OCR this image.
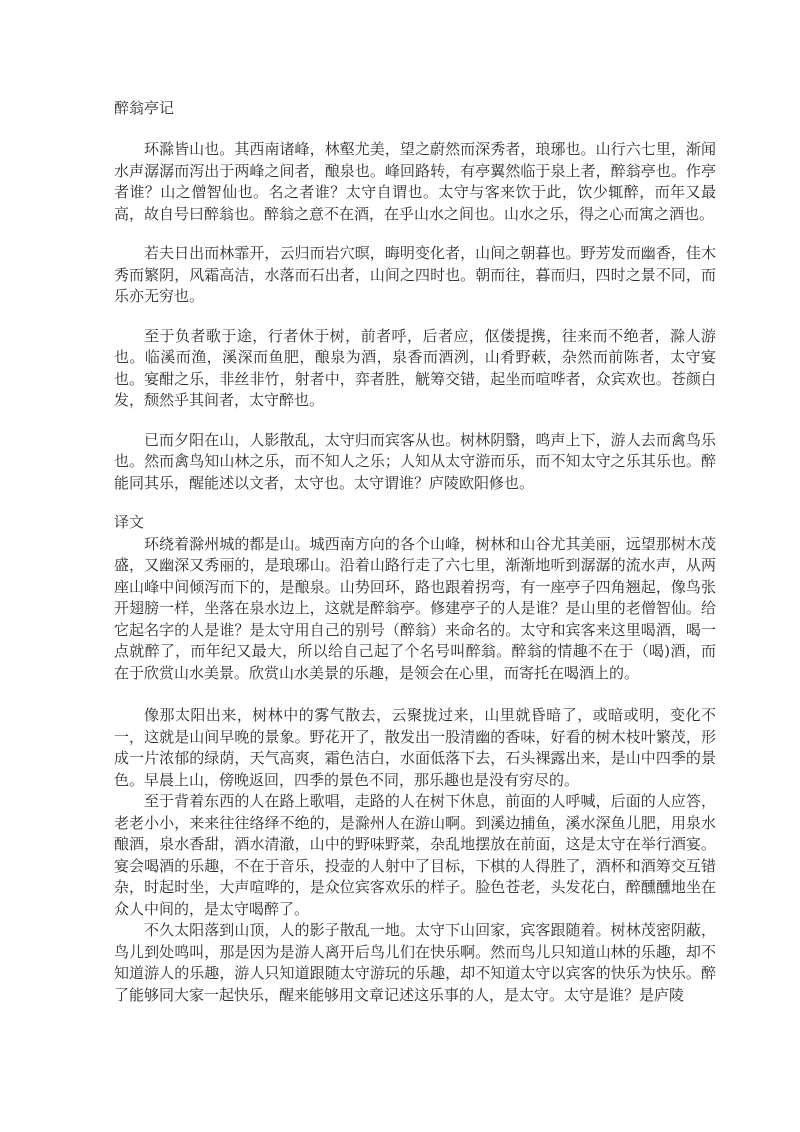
醉翁亭记

环滁皆山也。其西南诸峰，林壑尤美，望之蔚然而深秀者，琅琊也。山行六七里，渐闻水声潺潺而泻出于两峰之间者，酿泉也。峰回路转，有亭翼然临于泉上者，醉翁亭也。作亭者谁？山之僧智仙也。名之者谁？太守自谓也。太守与客来饮于此，饮少辄醉，而年又最高，故自号曰醉翁也。醉翁之意不在酒，在乎山水之间也。山水之乐，得之心而寓之酒也。

若夫日出而林霏开，云归而岩穴暝，晦明变化者，山间之朝暮也。野芳发而幽香，佳木秀而繁阴，风霜高洁，水落而石出者，山间之四时也。朝而往，暮而归，四时之景不同，而乐亦无穷也。

至于负者歌于途，行者休于树，前者呼，后者应，伛偻提携，往来而不绝者，滁人游也。临溪而渔，溪深而鱼肥，酿泉为酒，泉香而酒洌，山肴野蔌，杂然而前陈者，太守宴也。宴酣之乐，非丝非竹，射者中，弈者胜，觥筹交错，起坐而喧哗者，众宾欢也。苍颜白发，颓然乎其间者，太守醉也。

已而夕阳在山，人影散乱，太守归而宾客从也。树林阴翳，鸣声上下，游人去而禽鸟乐也。然而禽鸟知山林之乐，而不知人之乐；人知从太守游而乐，而不知太守之乐其乐也。醉能同其乐，醒能述以文者，太守也。太守谓谁？庐陵欧阳修也。

译文

环绕着滁州城的都是山。城西南方向的各个山峰，树林和山谷尤其美丽，远望那树木茂盛，又幽深又秀丽的，是琅琊山。沿着山路行走了六七里，渐渐地听到潺潺的流水声，从两座山峰中间倾泻而下的，是酿泉。山势回环，路也跟着拐弯，有一座亭子四角翘起，像鸟张开翅膀一样，坐落在泉水边上，这就是醉翁亭。修建亭子的人是谁？是山里的老僧智仙。给它起名字的人是谁？是太守用自己的别号（醉翁）来命名的。太守和宾客来这里喝酒，喝一点就醉了，而年纪又最大，所以给自己起了个名号叫醉翁。醉翁的情趣不在于（喝)酒，而在于欣赏山水美景。欣赏山水美景的乐趣，是领会在心里，而寄托在喝酒上的。

像那太阳出来，树林中的雾气散去，云聚拢过来，山里就昏暗了，或暗或明，变化不一，这就是山间早晚的景象。野花开了，散发出一股清幽的香味，好看的树木枝叶繁茂，形成一片浓郁的绿荫，天气高爽，霜色洁白，水面低落下去，石头裸露出来，是山中四季的景色。早晨上山，傍晚返回，四季的景色不同，那乐趣也是没有穷尽的。

至于背着东西的人在路上歌唱，走路的人在树下休息，前面的人呼喊，后面的人应答，老老小小，来来往往络绎不绝的，是滁州人在游山啊。到溪边捕鱼，溪水深鱼儿肥，用泉水酿酒，泉水香甜，酒水清澈，山中的野味野菜，杂乱地摆放在前面，这是太守在举行酒宴。宴会喝酒的乐趣，不在于音乐，投壶的人射中了目标，下棋的人得胜了，酒杯和酒筹交互错杂，时起时坐，大声喧哗的，是众位宾客欢乐的样子。脸色苍老，头发花白，醉醺醺地坐在众人中间的，是太守喝醉了。

不久太阳落到山顶，人的影子散乱一地。太守下山回家，宾客跟随着。树林茂密阴蔽，鸟儿到处鸣叫，那是因为是游人离开后鸟儿们在快乐啊。然而鸟儿只知道山林的乐趣，却不知道游人的乐趣，游人只知道跟随太守游玩的乐趣，却不知道太守以宾客的快乐为快乐。醉了能够同大家一起快乐，醒来能够用文章记述这乐事的人，是太守。太守是谁？是庐陵
